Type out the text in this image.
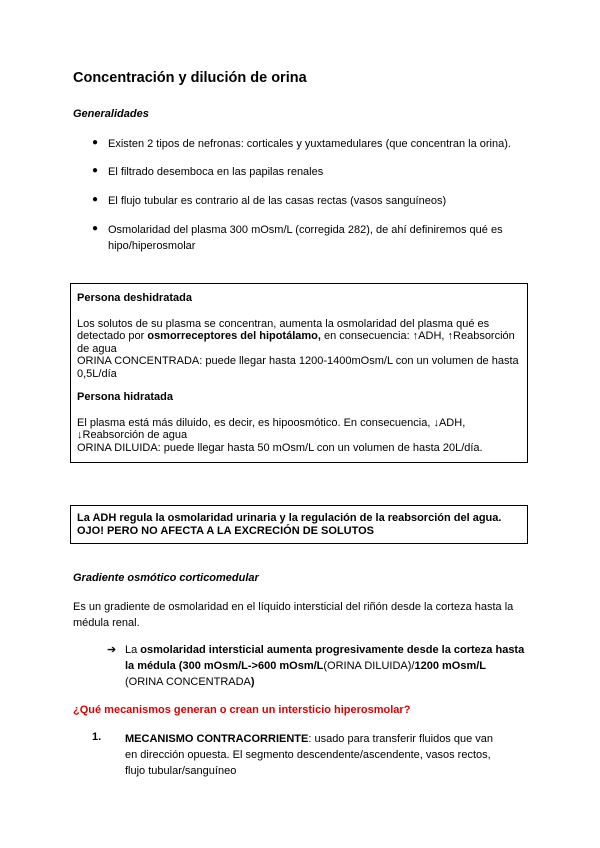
Concentración y dilución de orina
Generalidades
● Existen 2 tipos de nefronas: corticales y yuxtamedulares (que concentran la orina).
● El filtrado desemboca en las papilas renales
● El flujo tubular es contrario al de las casas rectas (vasos sanguíneos)
● Osmolaridad del plasma 300 mOsm/L (corregida 282), de ahí definiremos qué es hipo/hiperosmolar

Persona deshidratada

Los solutos de su plasma se concentran, aumenta la osmolaridad del plasma qué es detectado por osmorreceptores del hipotálamo, en consecuencia: ↑ADH, ↑Reabsorción de agua

ORINA CONCENTRADA: puede llegar hasta 1200-1400mOsm/L con un volumen de hasta 0,5L/día

Persona hidratada

El plasma está más diluido, es decir, es hipoosmótico. En consecuencia, ↓ADH, ↓Reabsorción de agua

ORINA DILUIDA: puede llegar hasta 50 mOsm/L con un volumen de hasta 20L/día.

La ADH regula la osmolaridad urinaria y la regulación de la reabsorción del agua.

OJO! PERO NO AFECTA A LA EXCRECIÓN DE SOLUTOS

Gradiente osmótico corticomedular
Es un gradiente de osmolaridad en el líquido intersticial del riñón desde la corteza hasta la médula renal.
➔ La osmolaridad intersticial aumenta progresivamente desde la corteza hasta la médula (300 mOsm/L->600 mOsm/L(ORINA DILUIDA)/1200 mOsm/L (ORINA CONCENTRADA)
¿Qué mecanismos generan o crean un intersticio hiperosmolar?
1. MECANISMO CONTRACORRIENTE: usado para transferir fluidos que van en dirección opuesta. El segmento descendente/ascendente, vasos rectos, flujo tubular/sanguíneo
